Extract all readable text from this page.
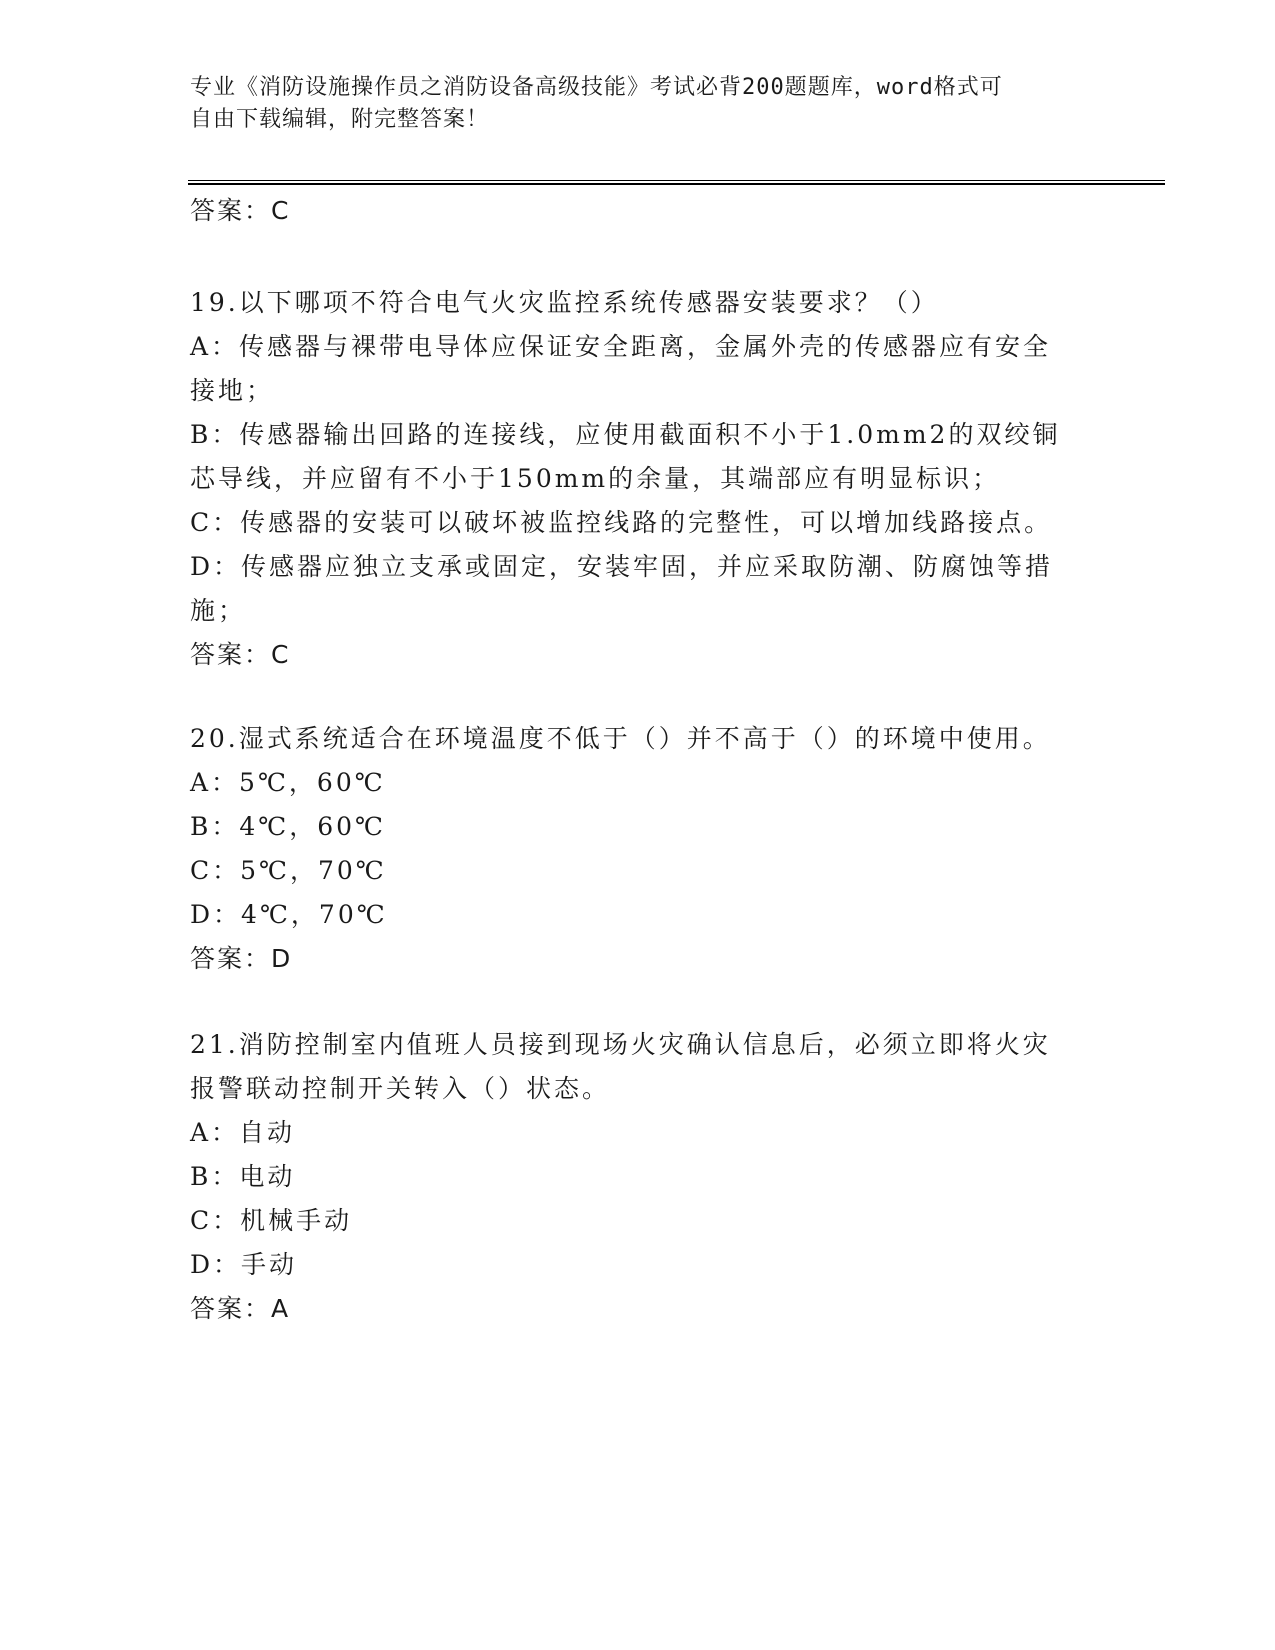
专业《消防设施操作员之消防设备高级技能》考试必背200题题库，word格式可
自由下载编辑，附完整答案！
答案：C
19.以下哪项不符合电气火灾监控系统传感器安装要求？（）
A：传感器与裸带电导体应保证安全距离，金属外壳的传感器应有安全
接地；
B：传感器输出回路的连接线，应使用截面积不小于1.0mm2的双绞铜
芯导线，并应留有不小于150mm的余量，其端部应有明显标识；
C：传感器的安装可以破坏被监控线路的完整性，可以增加线路接点。
D：传感器应独立支承或固定，安装牢固，并应采取防潮、防腐蚀等措
施；
答案：C
20.湿式系统适合在环境温度不低于（）并不高于（）的环境中使用。
A：5℃，60℃
B：4℃，60℃
C：5℃，70℃
D：4℃，70℃
答案：D
21.消防控制室内值班人员接到现场火灾确认信息后，必须立即将火灾
报警联动控制开关转入（）状态。
A：自动
B：电动
C：机械手动
D：手动
答案：A
